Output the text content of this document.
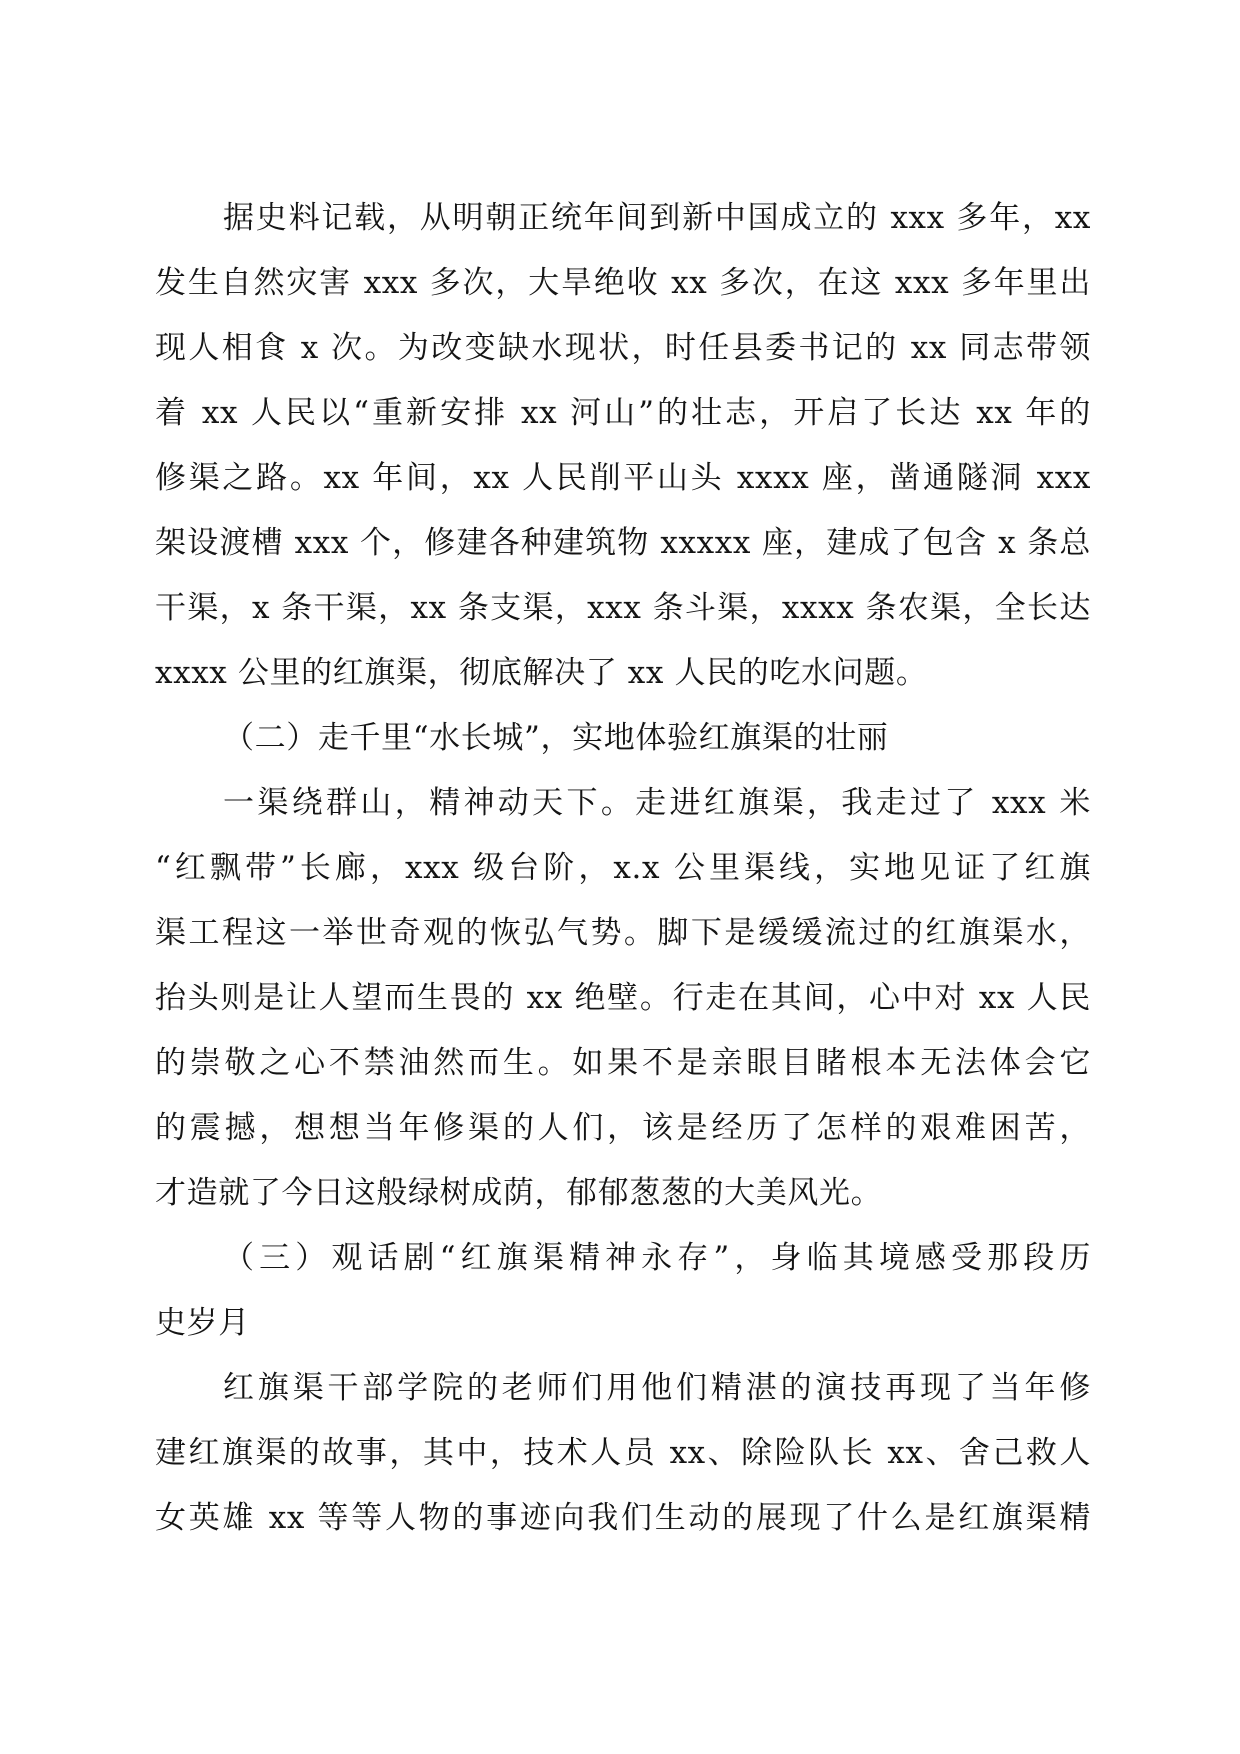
据史料记载，从明朝正统年间到新中国成立的 xxx 多年，xx
发生自然灾害 xxx 多次，大旱绝收 xx 多次，在这 xxx 多年里出
现人相食 x 次。为改变缺水现状，时任县委书记的 xx 同志带领
着 xx 人民以“重新安排 xx 河山”的壮志，开启了长达 xx 年的
修渠之路。xx 年间，xx 人民削平山头 xxxx 座，凿通隧洞 xxx
架设渡槽 xxx 个，修建各种建筑物 xxxxx 座，建成了包含 x 条总
干渠，x 条干渠，xx 条支渠，xxx 条斗渠，xxxx 条农渠，全长达
xxxx 公里的红旗渠，彻底解决了 xx 人民的吃水问题。
（二）走千里“水长城”，实地体验红旗渠的壮丽
一渠绕群山，精神动天下。走进红旗渠，我走过了 xxx 米
“红飘带”长廊，xxx 级台阶，x.x 公里渠线，实地见证了红旗
渠工程这一举世奇观的恢弘气势。脚下是缓缓流过的红旗渠水，
抬头则是让人望而生畏的 xx 绝壁。行走在其间，心中对 xx 人民
的崇敬之心不禁油然而生。如果不是亲眼目睹根本无法体会它
的震撼，想想当年修渠的人们，该是经历了怎样的艰难困苦，
才造就了今日这般绿树成荫，郁郁葱葱的大美风光。
（三）观话剧“红旗渠精神永存”，身临其境感受那段历
史岁月
红旗渠干部学院的老师们用他们精湛的演技再现了当年修
建红旗渠的故事，其中，技术人员 xx、除险队长 xx、舍己救人
女英雄 xx 等等人物的事迹向我们生动的展现了什么是红旗渠精
